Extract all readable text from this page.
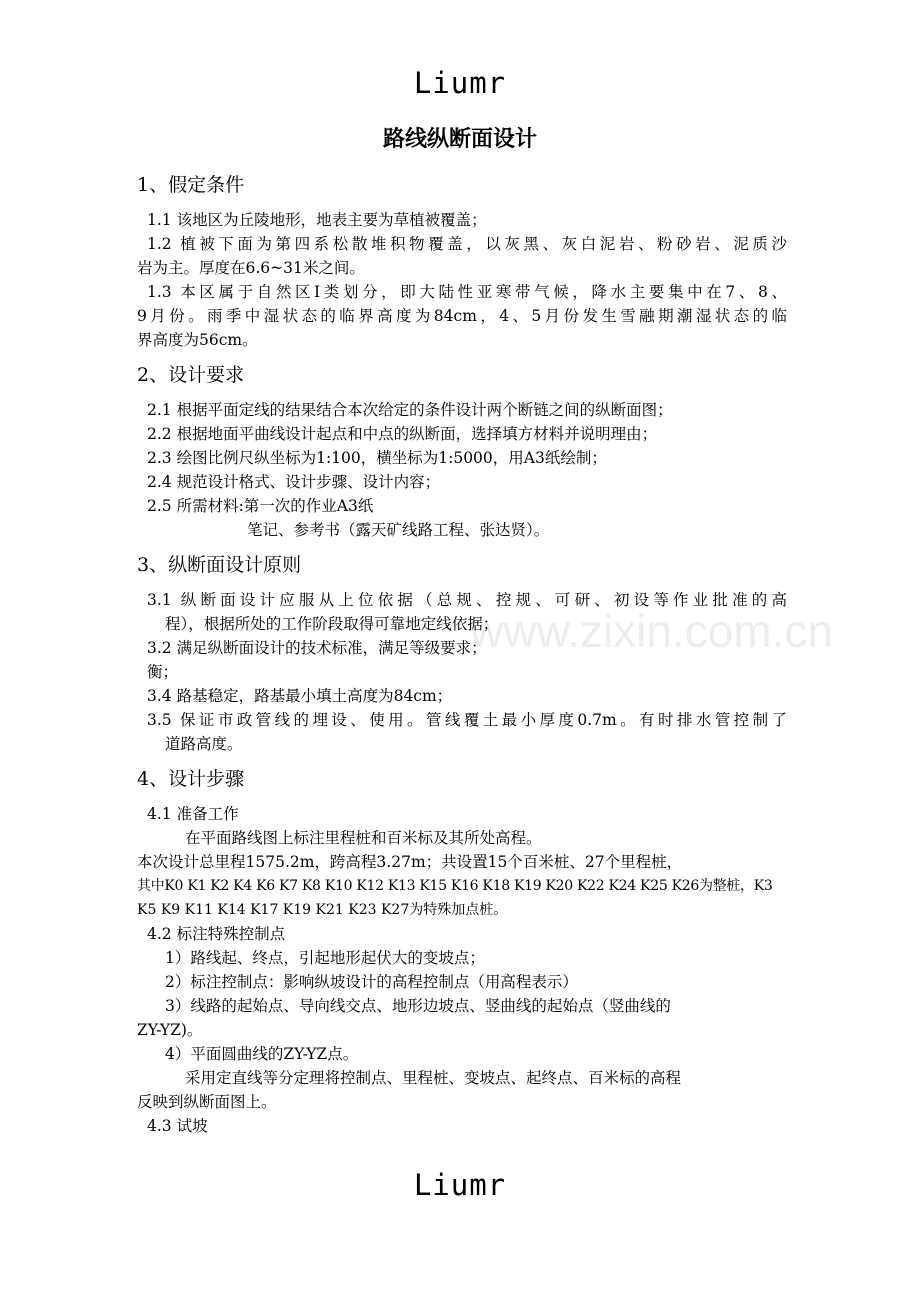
Liumr
路线纵断面设计
www.zixin.com.cn
1、假定条件
1.1 该地区为丘陵地形，地表主要为草植被覆盖；
1.2 植被下面为第四系松散堆积物覆盖，以灰黑、灰白泥岩、粉砂岩、泥质沙
岩为主。厚度在6.6~31米之间。
1.3 本区属于自然区Ⅰ类划分，即大陆性亚寒带气候，降水主要集中在7、8、
9月份。雨季中湿状态的临界高度为84cm，4、5月份发生雪融期潮湿状态的临
界高度为56cm。
2、设计要求
2.1 根据平面定线的结果结合本次给定的条件设计两个断链之间的纵断面图；
2.2 根据地面平曲线设计起点和中点的纵断面，选择填方材料并说明理由；
2.3 绘图比例尺纵坐标为1:100，横坐标为1:5000，用A3纸绘制；
2.4 规范设计格式、设计步骤、设计内容；
2.5 所需材料:第一次的作业A3纸
笔记、参考书（露天矿线路工程、张达贤）。
3、纵断面设计原则
3.1 纵断面设计应服从上位依据（总规、控规、可研、初设等作业批准的高
程），根据所处的工作阶段取得可靠地定线依据；
3.2 满足纵断面设计的技术标准，满足等级要求；
衡；
3.4 路基稳定，路基最小填土高度为84cm；
3.5 保证市政管线的埋设、使用。管线覆土最小厚度0.7m。有时排水管控制了
道路高度。
4、设计步骤
4.1 准备工作
在平面路线图上标注里程桩和百米标及其所处高程。
本次设计总里程1575.2m，跨高程3.27m；共设置15个百米桩、27个里程桩，
其中K0 K1 K2 K4 K6 K7 K8 K10 K12 K13 K15 K16 K18 K19 K20 K22 K24 K25 K26为整桩，K3
K5 K9 K11 K14 K17 K19 K21 K23 K27为特殊加点桩。
4.2 标注特殊控制点
1）路线起、终点，引起地形起伏大的变坡点；
2）标注控制点：影响纵坡设计的高程控制点（用高程表示）
3）线路的起始点、导向线交点、地形边坡点、竖曲线的起始点（竖曲线的
ZY-YZ)。
4）平面圆曲线的ZY-YZ点。
采用定直线等分定理将控制点、里程桩、变坡点、起终点、百米标的高程
反映到纵断面图上。
4.3 试坡
Liumr
